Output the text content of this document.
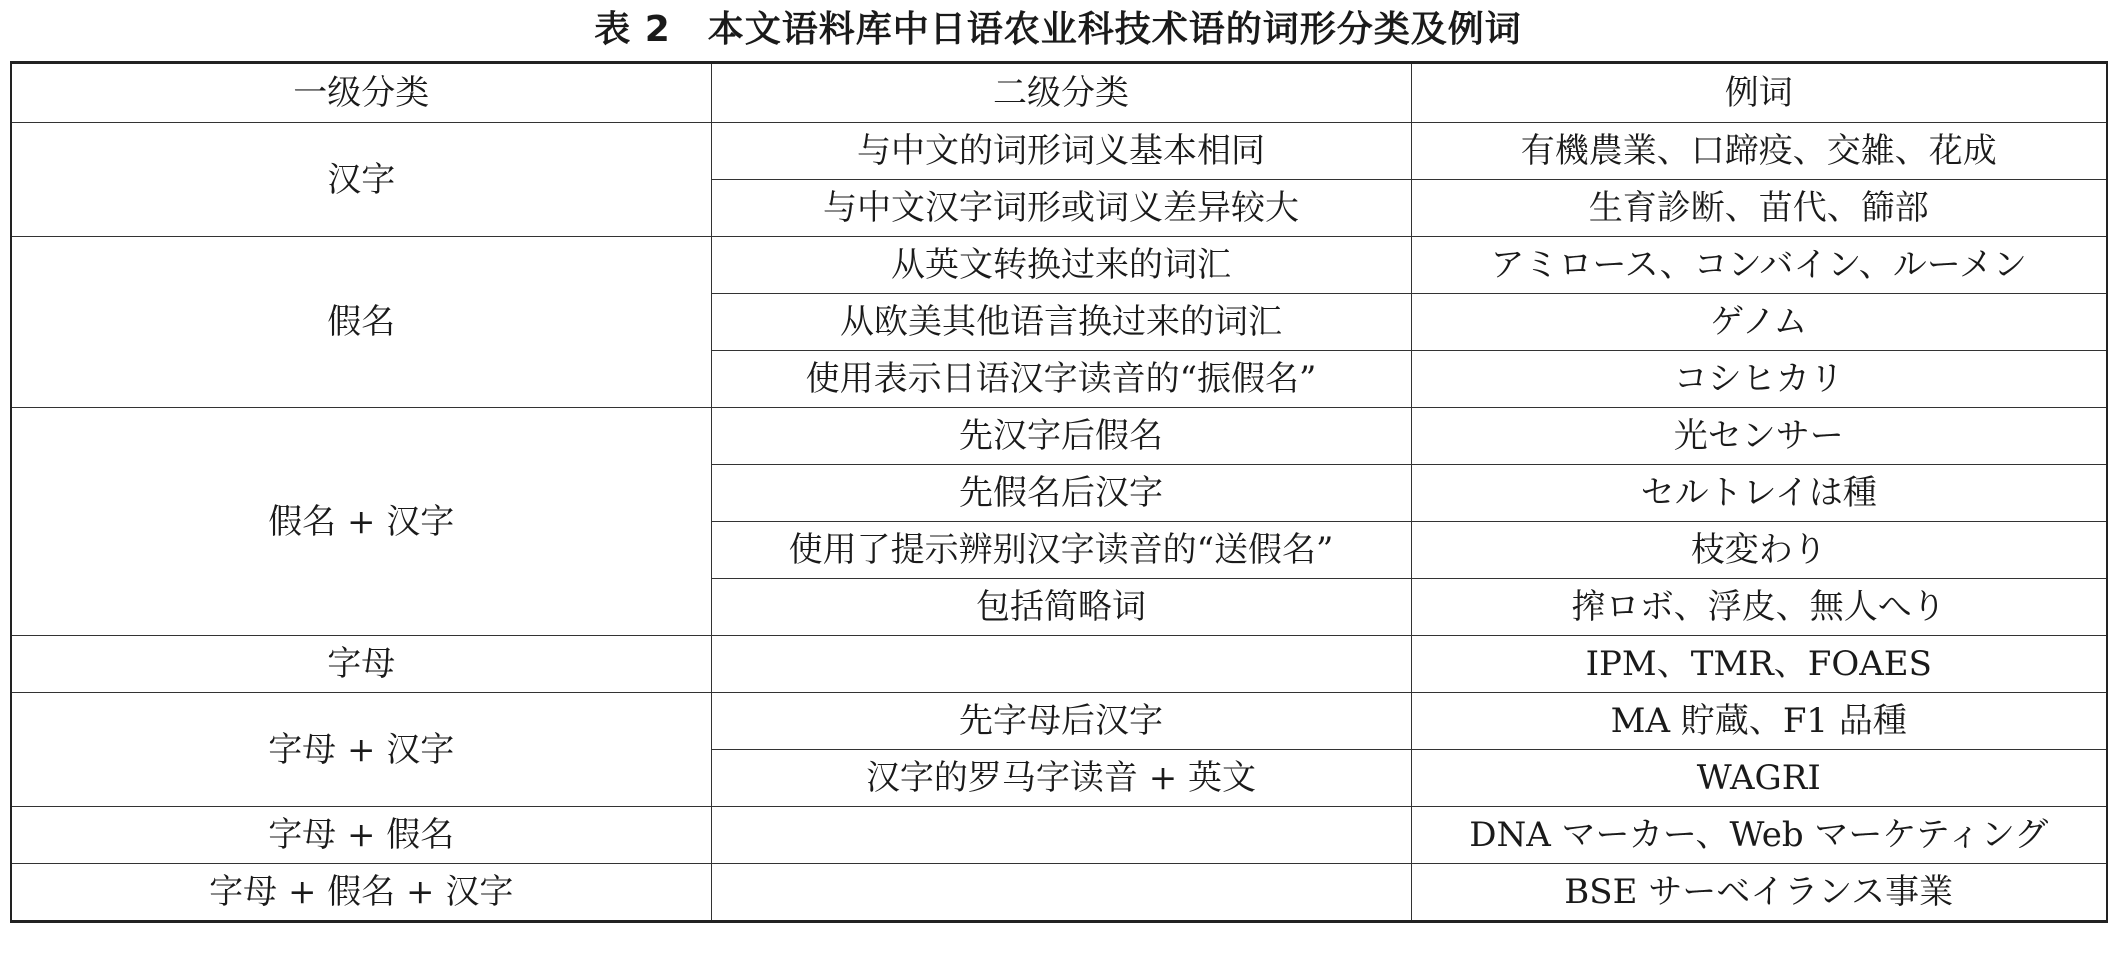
表 2　本文语料库中日语农业科技术语的词形分类及例词
一级分类	二级分类	例词
汉字	与中文的词形词义基本相同	有機農業、口蹄疫、交雑、花成
	与中文汉字词形或词义差异较大	生育診断、苗代、篩部
假名	从英文转换过来的词汇	アミロース、コンバイン、ルーメン
	从欧美其他语言换过来的词汇	ゲノム
	使用表示日语汉字读音的“振假名”	コシヒカリ
假名 + 汉字	先汉字后假名	光センサー
	先假名后汉字	セルトレイは種
	使用了提示辨别汉字读音的“送假名”	枝変わり
	包括简略词	搾ロボ、浮皮、無人へり
字母		IPM、TMR、FOAES
字母 + 汉字	先字母后汉字	MA 貯蔵、F1 品種
	汉字的罗马字读音 + 英文	WAGRI
字母 + 假名		DNA マーカー、Web マーケティング
字母 + 假名 + 汉字		BSE サーベイランス事業
